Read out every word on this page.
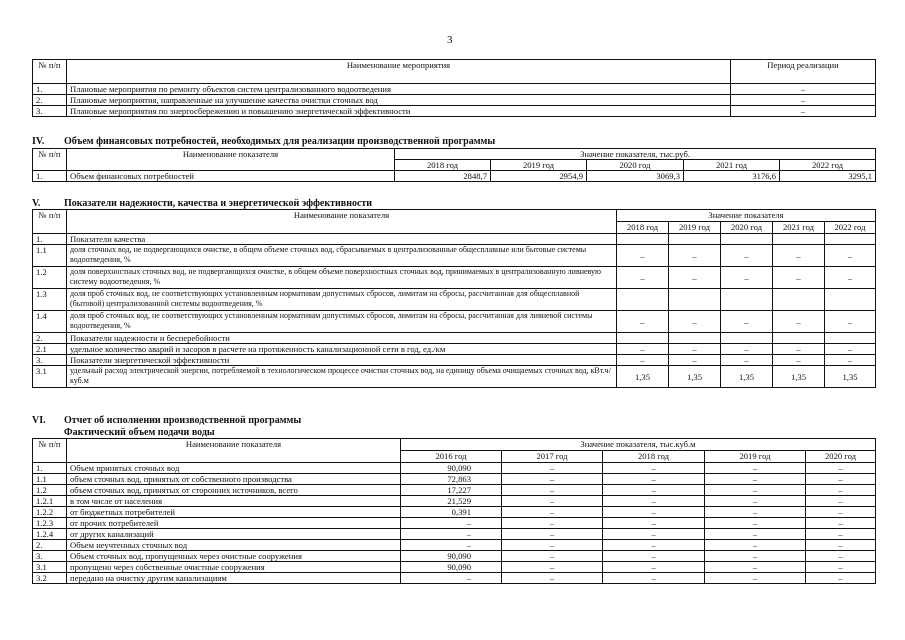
3
№ п/п	Наименование мероприятия	Период реализации
1.	Плановые мероприятия по ремонту объектов систем централизованного водоотведения	–
2.	Плановые мероприятия, направленные на улучшение качества очистки сточных вод	–
3.	Плановые мероприятия по энергосбережению и повышению энергетической эффективности	–
IV. Объем финансовых потребностей, необходимых для реализации производственной программы
№ п/п	Наименование показателя	Значение показателя, тыс.руб.				
		2018 год	2019 год	2020 год	2021 год	2022 год
1.	Объем финансовых потребностей	2848,7	2954,9	3069,3	3176,6	3295,1
V. Показатели надежности, качества и энергетической эффективности
№ п/п	Наименование показателя	Значение показателя				
		2018 год	2019 год	2020 год	2021 год	2022 год
1.	Показатели качества					
1.1	доля сточных вод, не подвергающихся очистке, в общем объеме сточных вод, сбрасываемых в централизованные общесплавные или бытовые системы водоотведения, %	–	–	–	–	–
1.2	доля поверхностных сточных вод, не подвергающихся очистке, в общем объеме поверхностных сточных вод, принимаемых в централизованную ливневую систему водоотведения, %	–	–	–	–	–
1.3	доля проб сточных вод, не соответствующих установленным нормативам допустимых сбросов, лимитам на сбросы, рассчитанная для общесплавной (бытовой) централизованной системы водоотведения, %					
1.4	доля проб сточных вод, не соответствующих установленным нормативам допустимых сбросов, лимитам на сбросы, рассчитанная для ливневой системы водоотведения, %	–	–	–	–	–
2.	Показатели надежности и бесперебойности					
2.1	удельное количество аварий и засоров в расчете на протяженность канализационной сети в год, ед./км	–	–	–	–	–
3.	Показатели энергетической эффективности	–	–	–	–	–
3.1	удельный расход электрической энергии, потребляемой в технологическом процессе очистки сточных вод, на единицу объема очищаемых сточных вод, кВт.ч/куб.м	1,35	1,35	1,35	1,35	1,35
VI. Отчет об исполнении производственной программы
Фактический объем подачи воды
№ п/п	Наименование показателя	Значение показателя, тыс.куб.м				
		2016 год	2017 год	2018 год	2019 год	2020 год
1.	Объем принятых сточных вод	90,090	–	–	–	–
1.1	объем сточных вод, принятых от собственного производства	72,863	–	–	–	–
1.2	объем сточных вод, принятых от сторонних источников, всего	17,227	–	–	–	–
1.2.1	в том числе от населения	21,529	–	–	–	–
1.2.2	от бюджетных потребителей	0,391	–	–	–	–
1.2.3	от прочих потребителей	–	–	–	–	–
1.2.4	от других канализаций	–	–	–	–	–
2.	Объем неучтенных сточных вод	–	–	–	–	–
3.	Объем сточных вод, пропущенных через очистные сооружения	90,090	–	–	–	–
3.1	пропущено через собственные очистные сооружения	90,090	–	–	–	–
3.2	передано на очистку другим канализациям	–	–	–	–	–
